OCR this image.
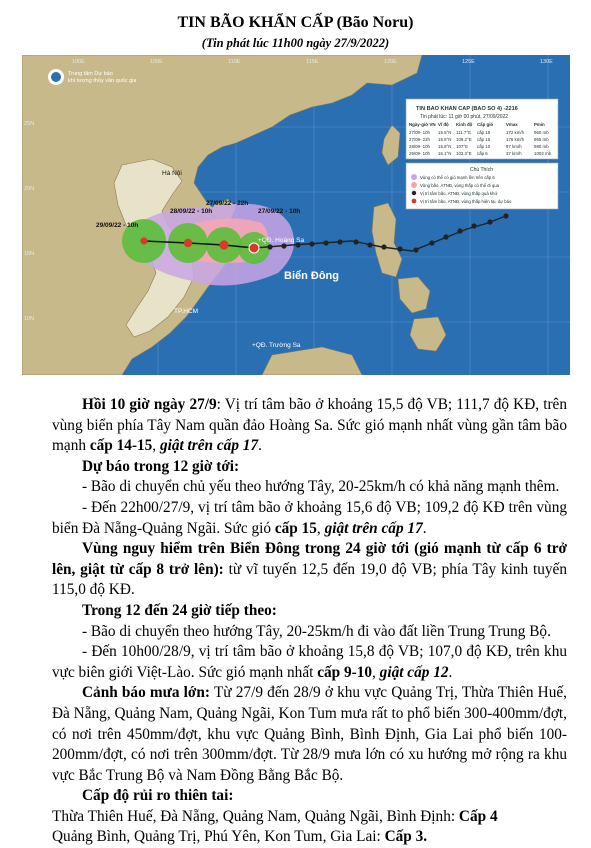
TIN BÃO KHẨN CẤP (Bão Noru)
(Tin phát lúc 11h00 ngày 27/9/2022)
29/09/22 - 10h
28/09/22 - 10h
27/09/22 - 22h
27/09/22 - 10h
Hà Nội
TP.HCM
+QĐ. Trường Sa
+QĐ. Hoàng Sa
Biển Đông
100E	105E	110E	115E	120E	125E	130E
25N
20N
15N
10N
Trung tâm Dự báo
khí tượng thủy văn quốc gia
TIN BAO KHAN CAP (BAO SO 4) -2216
Tin phát lúc: 11 giờ 00 phút, 27/09/2022
Ngày-giờ VN Vĩ độ Kinh độ Cấp gió	Vmax	Pmin
27/09- 10h 15.5°N 111.7°E cấp 15	172 km/h 960 mb
27/09- 22h 15.6°N 109.2°E cấp 15	176 km/h 955 mb
28/09- 10h 15.8°N 107°E cấp 10	97 km/h	980 mb
29/09- 10h 16.1°N 103.3°E cấp 6	37 km/h	1002 mb
Chú Thích
Vùng có thể có gió mạnh lên trên cấp 6
Vùng bão, ATNĐ, vùng thấp có thể đi qua
Vị trí tâm bão, ATNĐ, vùng thấp quá khứ
Vị trí tâm bão, ATNĐ, vùng thấp hiện tại, dự báo

Hồi 10 giờ ngày 27/9: Vị trí tâm bão ở khoảng 15,5 độ VB; 111,7 độ KĐ, trên vùng biển phía Tây Nam quần đảo Hoàng Sa. Sức gió mạnh nhất vùng gần tâm bão mạnh cấp 14-15, giật trên cấp 17.

Dự báo trong 12 giờ tới:

- Bão di chuyển chủ yếu theo hướng Tây, 20-25km/h có khả năng mạnh thêm.

- Đến 22h00/27/9, vị trí tâm bão ở khoảng 15,6 độ VB; 109,2 độ KĐ trên vùng biển Đà Nẵng-Quảng Ngãi. Sức gió cấp 15, giật trên cấp 17.

Vùng nguy hiểm trên Biển Đông trong 24 giờ tới (gió mạnh từ cấp 6 trở lên, giật từ cấp 8 trở lên): từ vĩ tuyến 12,5 đến 19,0 độ VB; phía Tây kinh tuyến 115,0 độ KĐ.

Trong 12 đến 24 giờ tiếp theo:

- Bão di chuyển theo hướng Tây, 20-25km/h đi vào đất liền Trung Trung Bộ.

- Đến 10h00/28/9, vị trí tâm bão ở khoảng 15,8 độ VB; 107,0 độ KĐ, trên khu vực biên giới Việt-Lào. Sức gió mạnh nhất cấp 9-10, giật cấp 12.

Cảnh báo mưa lớn: Từ 27/9 đến 28/9 ở khu vực Quảng Trị, Thừa Thiên Huế, Đà Nẵng, Quảng Nam, Quảng Ngãi, Kon Tum mưa rất to phổ biến 300-400mm/đợt, có nơi trên 450mm/đợt, khu vực Quảng Bình, Bình Định, Gia Lai phổ biến 100-200mm/đợt, có nơi trên 300mm/đợt. Từ 28/9 mưa lớn có xu hướng mở rộng ra khu vực Bắc Trung Bộ và Nam Đồng Bằng Bắc Bộ.

Cấp độ rủi ro thiên tai:

Thừa Thiên Huế, Đà Nẵng, Quảng Nam, Quảng Ngãi, Bình Định: Cấp 4

Quảng Bình, Quảng Trị, Phú Yên, Kon Tum, Gia Lai: Cấp 3.
